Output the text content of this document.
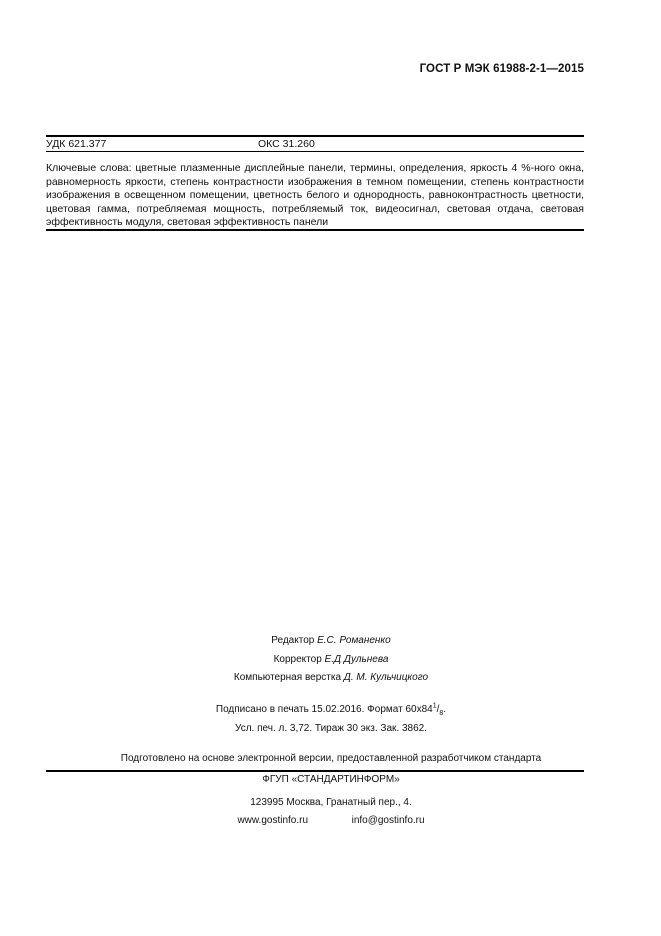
ГОСТ Р МЭК 61988-2-1—2015
УДК 621.377	ОКС 31.260
Ключевые слова: цветные плазменные дисплейные панели, термины, определения, яркость 4 %-ного окна, равномерность яркости, степень контрастности изображения в темном помещении, степень контрастности изображения в освещенном помещении, цветность белого и однородность, равноконтрастность цветности, цветовая гамма, потребляемая мощность, потребляемый ток, видеосигнал, световая отдача, световая эффективность модуля, световая эффективность панели
Редактор Е.С. Романенко
Корректор Е.Д Дульнева
Компьютерная верстка Д. М. Кульчицкого
Подписано в печать 15.02.2016. Формат $60x84^1/_8$.
Усл. печ. л. 3,72. Тираж 30 экз. Зак. 3862.
Подготовлено на основе электронной версии, предоставленной разработчиком стандарта
ФГУП «СТАНДАРТИНФОРМ»
123995 Москва, Гранатный пер., 4.
www.gostinfo.ru	info@gostinfo.ru
